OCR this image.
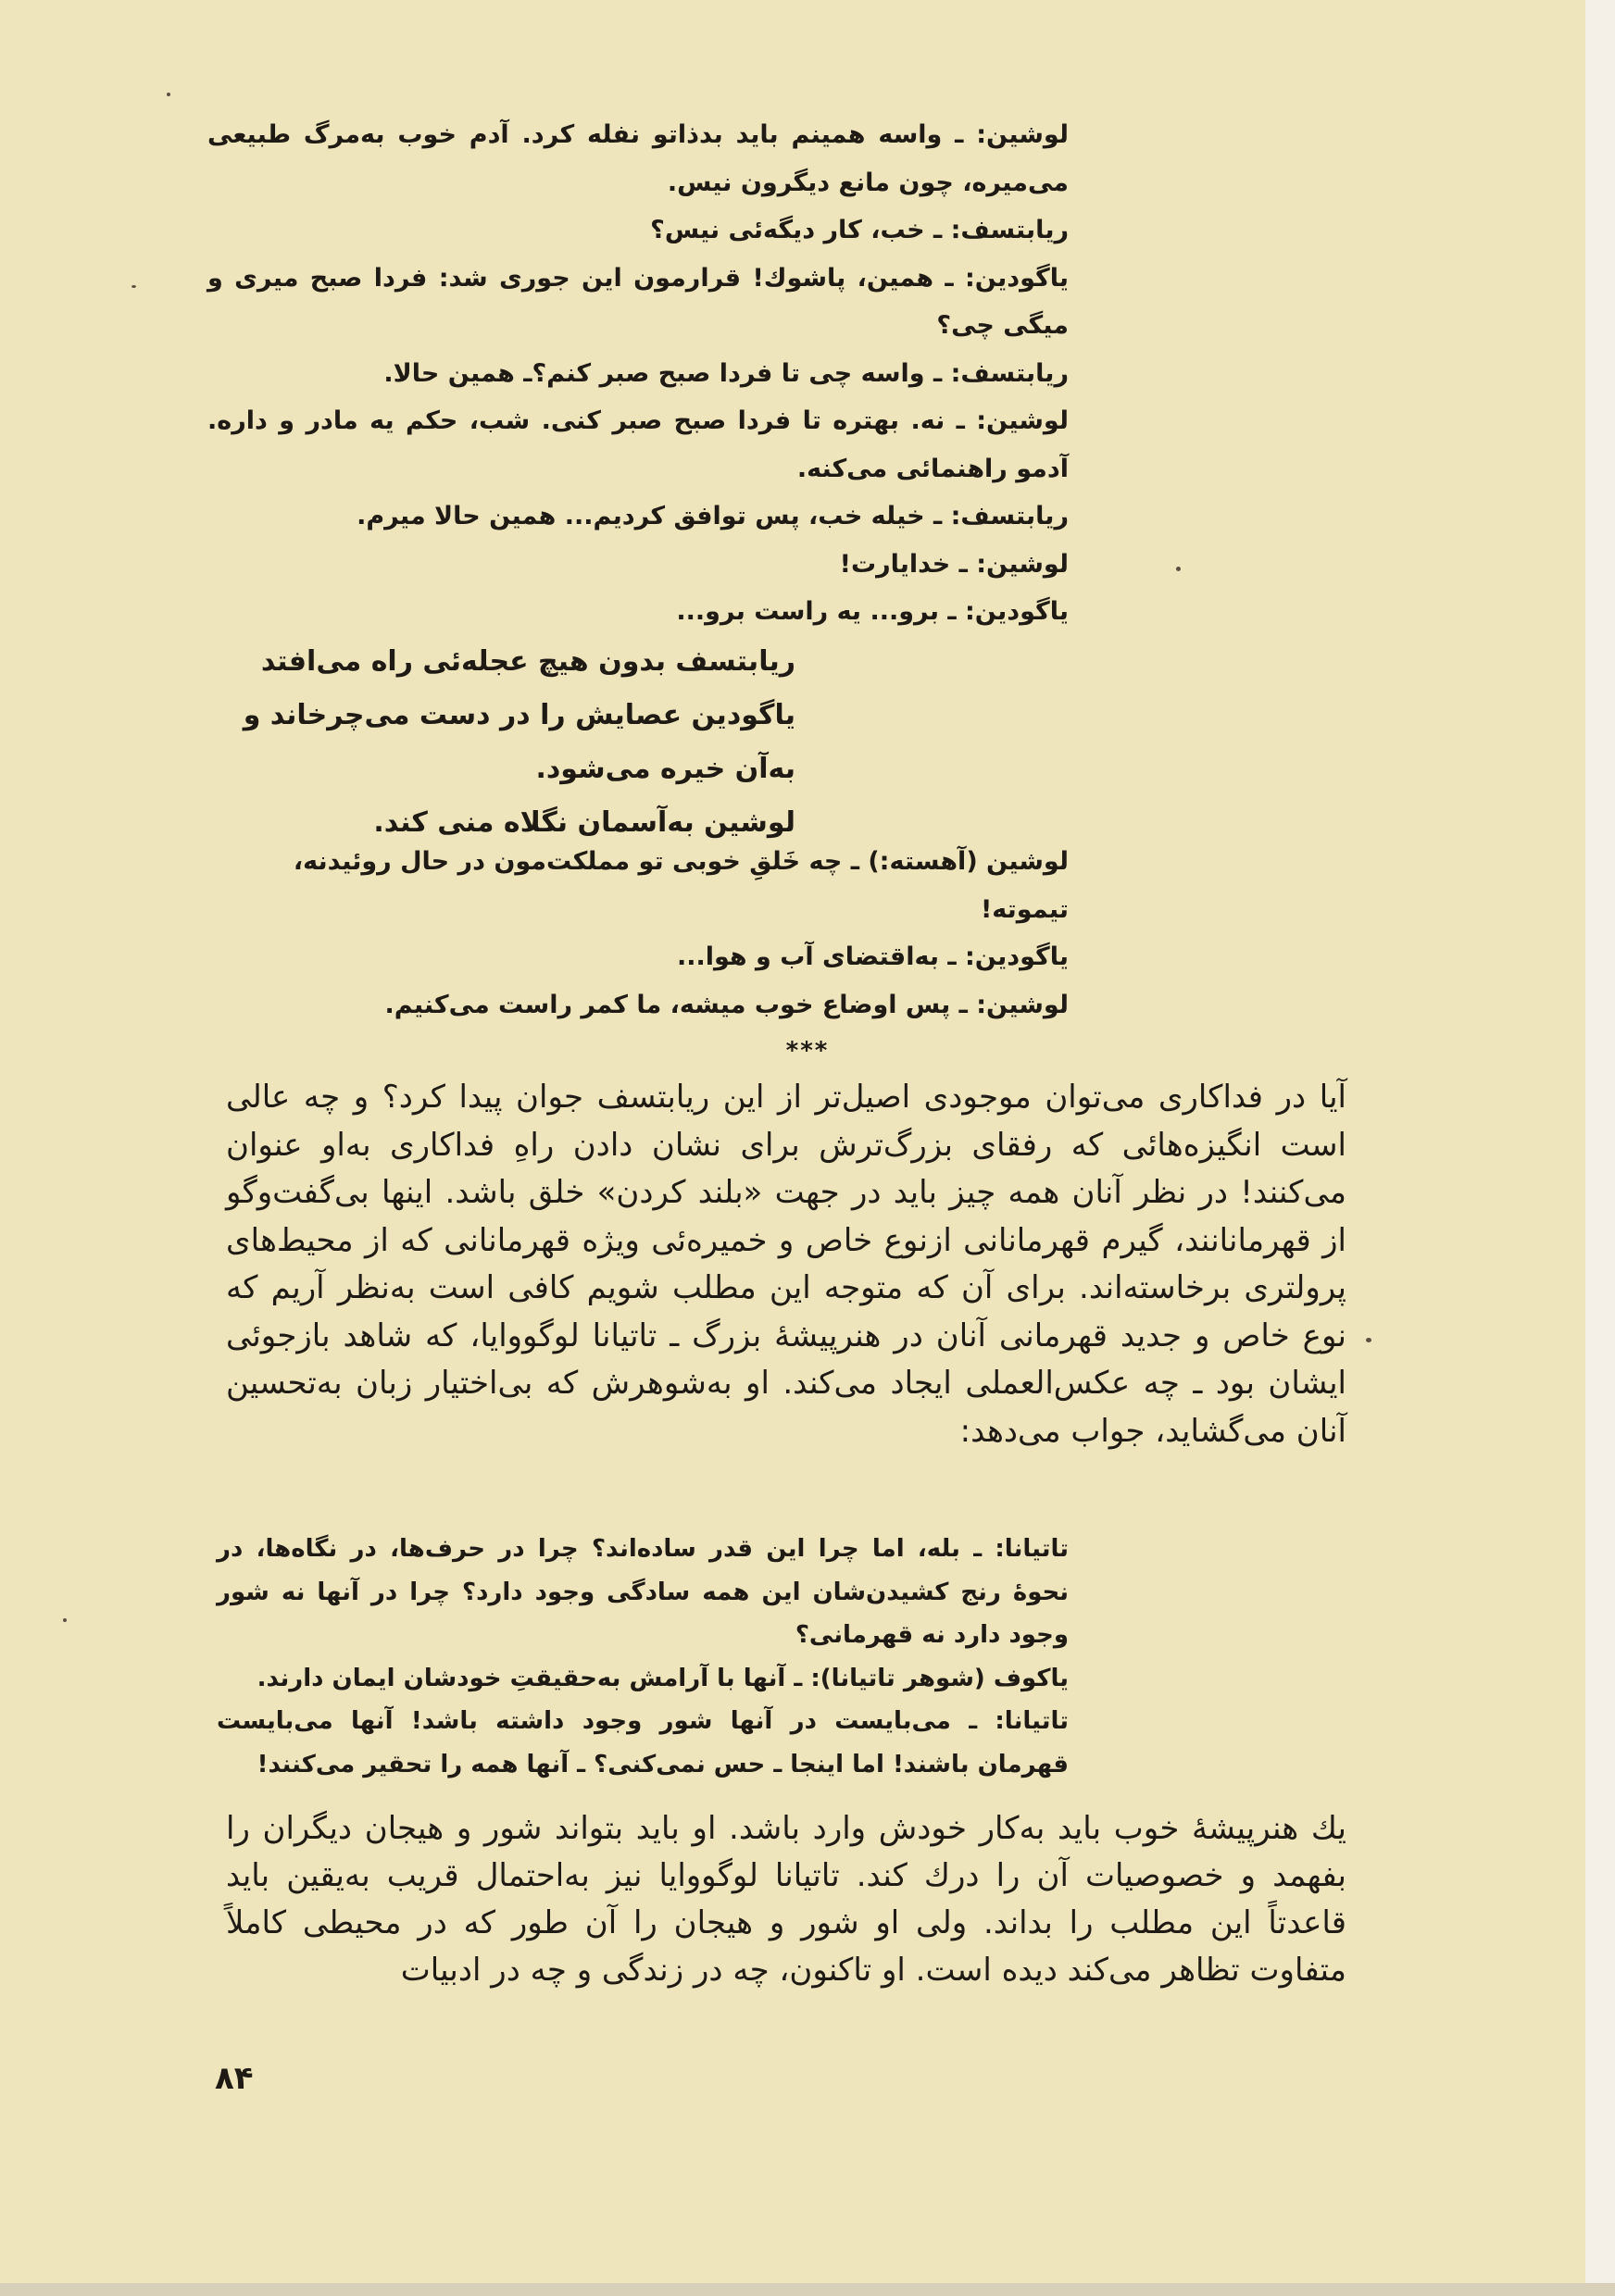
لوشین: ـ واسه همینم باید بدذاتو نفله کرد. آدم خوب به‌مرگ طبیعی می‌میره، چون مانع دیگرون نیس.

ریابتسف: ـ خب، کار دیگه‌ئی نیس؟

یاگودین: ـ همین، پاشوك! قرارمون این جوری شد: فردا صبح میری و میگی چی؟

ریابتسف: ـ واسه چی تا فردا صبح صبر کنم؟ـ همین حالا.

لوشین: ـ نه. بهتره تا فردا صبح صبر کنی. شب، حکم یه مادر و داره. آدمو راهنمائی می‌کنه.

ریابتسف: ـ خیله خب، پس توافق کردیم... همین حالا میرم.

لوشین: ـ خدایارت!

یاگودین: ـ برو... یه راست برو...

ریابتسف بدون هیچ عجله‌ئی راه می‌افتد

یاگودین عصایش را در دست می‌چرخاند و

به‌آن خیره می‌شود.

لوشین به‌آسمان نگلاه منی کند.

لوشین (آهسته:) ـ چه خَلقِ خوبی تو مملکت‌مون در حال روئیدنه، تیموته!

یاگودین: ـ به‌اقتضای آب و هوا...

لوشین: ـ پس اوضاع خوب میشه، ما کمر راست می‌کنیم.

***

آیا در فداکاری می‌توان موجودی اصیل‌تر از این ریابتسف جوان پیدا کرد؟ و چه عالی است انگیزه‌هائی که رفقای بزرگ‌ترش برای نشان دادن راهِ فداکاری به‌او عنوان می‌کنند! در نظر آنان همه چیز باید در جهت «بلند کردن» خلق باشد. اینها بی‌گفت‌وگو از قهرمانانند، گیرم قهرمانانی ازنوع خاص و خمیره‌ئی ویژه قهرمانانی که از محیط‌های پرولتری برخاسته‌اند. برای آن که متوجه این مطلب شویم کافی است به‌نظر آریم که نوع خاص و جدید قهرمانی آنان در هنرپیشهٔ بزرگ ـ تاتیانا لوگووایا، که شاهد بازجوئی ایشان بود ـ چه عکس‌العملی ایجاد می‌کند. او به‌شوهرش که بی‌اختیار زبان به‌تحسین آنان می‌گشاید، جواب می‌دهد:

تاتیانا: ـ بله، اما چرا این قدر ساده‌اند؟ چرا در حرف‌ها، در نگاه‌ها، در نحوهٔ رنج کشیدن‌شان این همه سادگی وجود دارد؟ چرا در آنها نه شور وجود دارد نه قهرمانی؟

یاکوف (شوهر تاتیانا): ـ آنها با آرامش به‌حقیقتِ خودشان ایمان دارند.

تاتیانا: ـ می‌بایست در آنها شور وجود داشته باشد! آنها می‌بایست قهرمان باشند! اما اینجا ـ حس نمی‌کنی؟ ـ آنها همه را تحقیر می‌کنند!

يك هنرپیشهٔ خوب باید به‌کار خودش وارد باشد. او باید بتواند شور و هیجان دیگران را بفهمد و خصوصیات آن را درك کند. تاتیانا لوگووایا نیز به‌احتمال قریب به‌یقین باید قاعدتاً این مطلب را بداند. ولی او شور و هیجان را آن طور که در محیطی کاملاً متفاوت تظاهر می‌کند دیده است. او تاکنون، چه در زندگی و چه در ادبیات

۸۴
